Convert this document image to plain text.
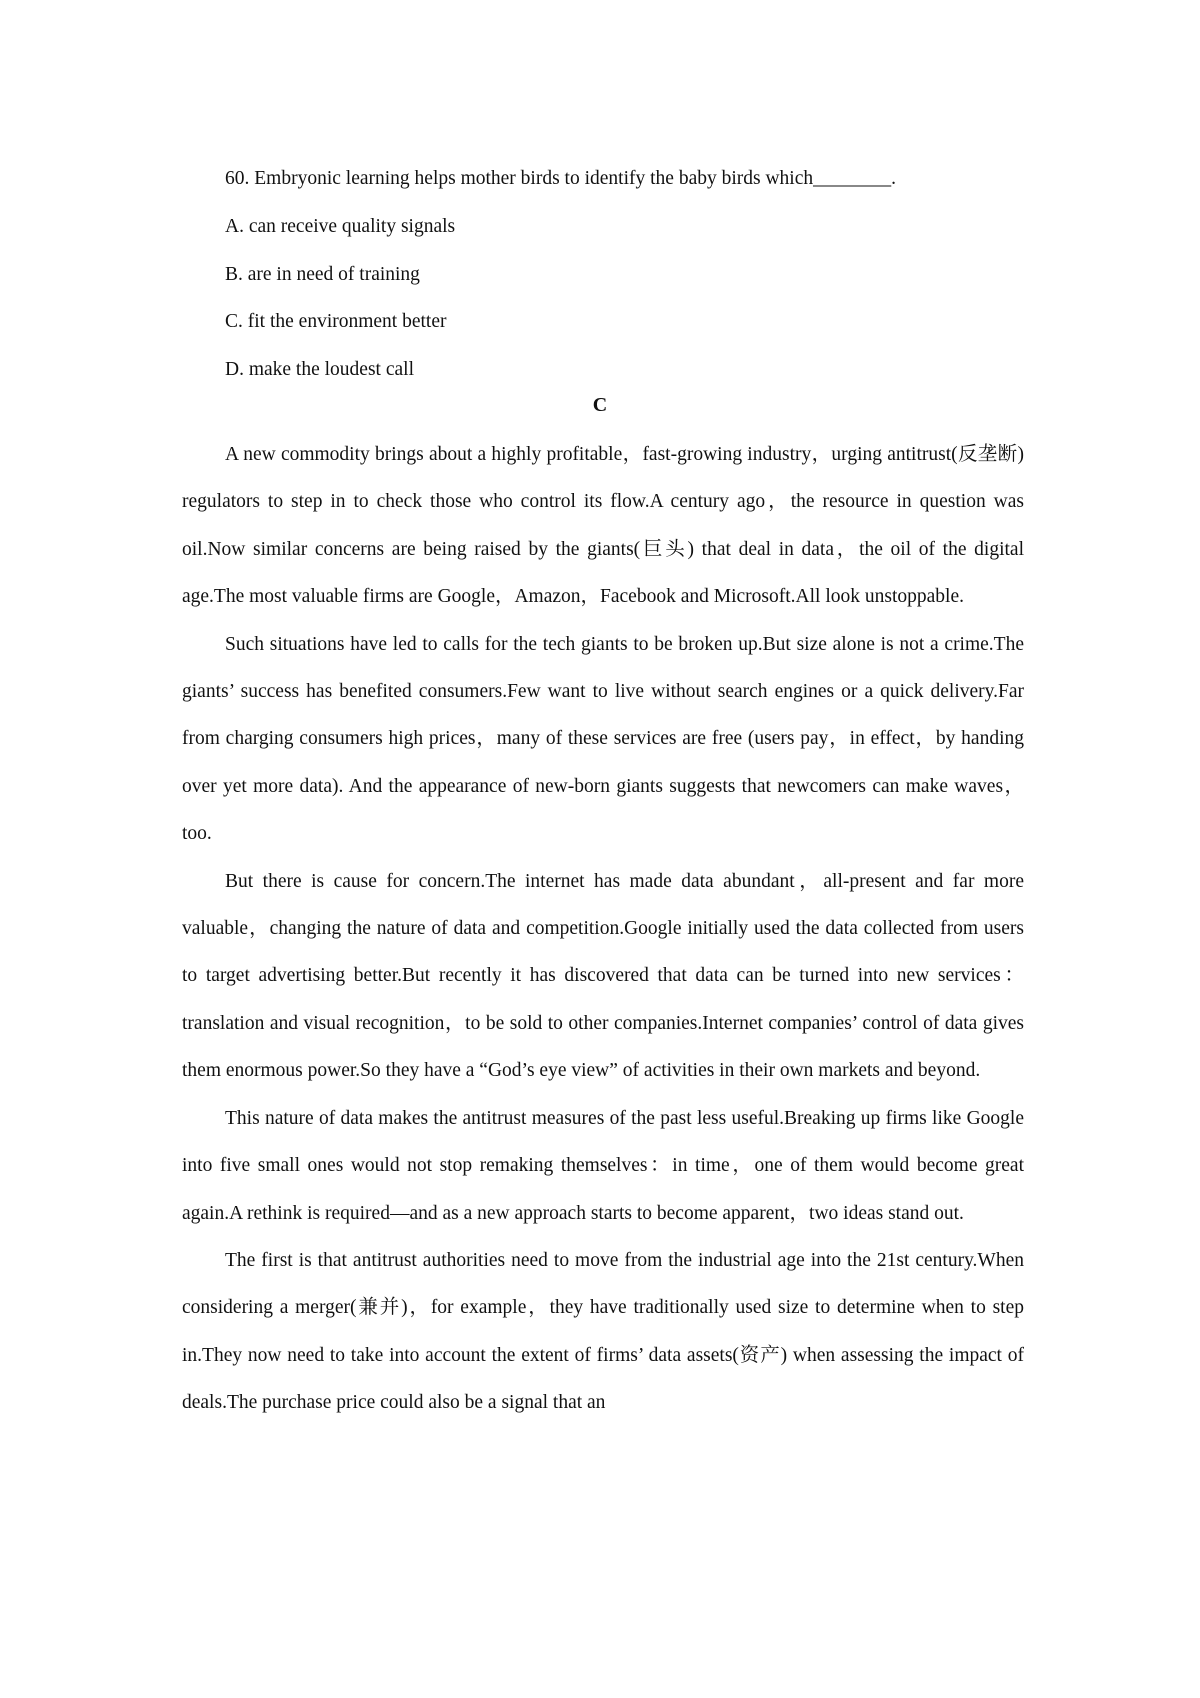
60. Embryonic learning helps mother birds to identify the baby birds which________.
A. can receive quality signals
B. are in need of training
C. fit the environment better
D. make the loudest call
C

A new commodity brings about a highly profitable，fast-growing industry，urging antitrust(反垄断) regulators to step in to check those who control its flow.A century ago，the resource in question was oil.Now similar concerns are being raised by the giants(巨头) that deal in data，the oil of the digital age.The most valuable firms are Google，Amazon，Facebook and Microsoft.All look unstoppable.

Such situations have led to calls for the tech giants to be broken up.But size alone is not a crime.The giants’ success has benefited consumers.Few want to live without search engines or a quick delivery.Far from charging consumers high prices，many of these services are free (users pay，in effect，by handing over yet more data). And the appearance of new-born giants suggests that newcomers can make waves，too.

But there is cause for concern.The internet has made data abundant，all-present and far more valuable，changing the nature of data and competition.Google initially used the data collected from users to target advertising better.But recently it has discovered that data can be turned into new services：translation and visual recognition，to be sold to other companies.Internet companies’ control of data gives them enormous power.So they have a “God’s eye view” of activities in their own markets and beyond.

This nature of data makes the antitrust measures of the past less useful.Breaking up firms like Google into five small ones would not stop remaking themselves：in time，one of them would become great again.A rethink is required—and as a new approach starts to become apparent，two ideas stand out.

The first is that antitrust authorities need to move from the industrial age into the 21st century.When considering a merger(兼并)，for example，they have traditionally used size to determine when to step in.They now need to take into account the extent of firms’ data assets(资产) when assessing the impact of deals.The purchase price could also be a signal that an
